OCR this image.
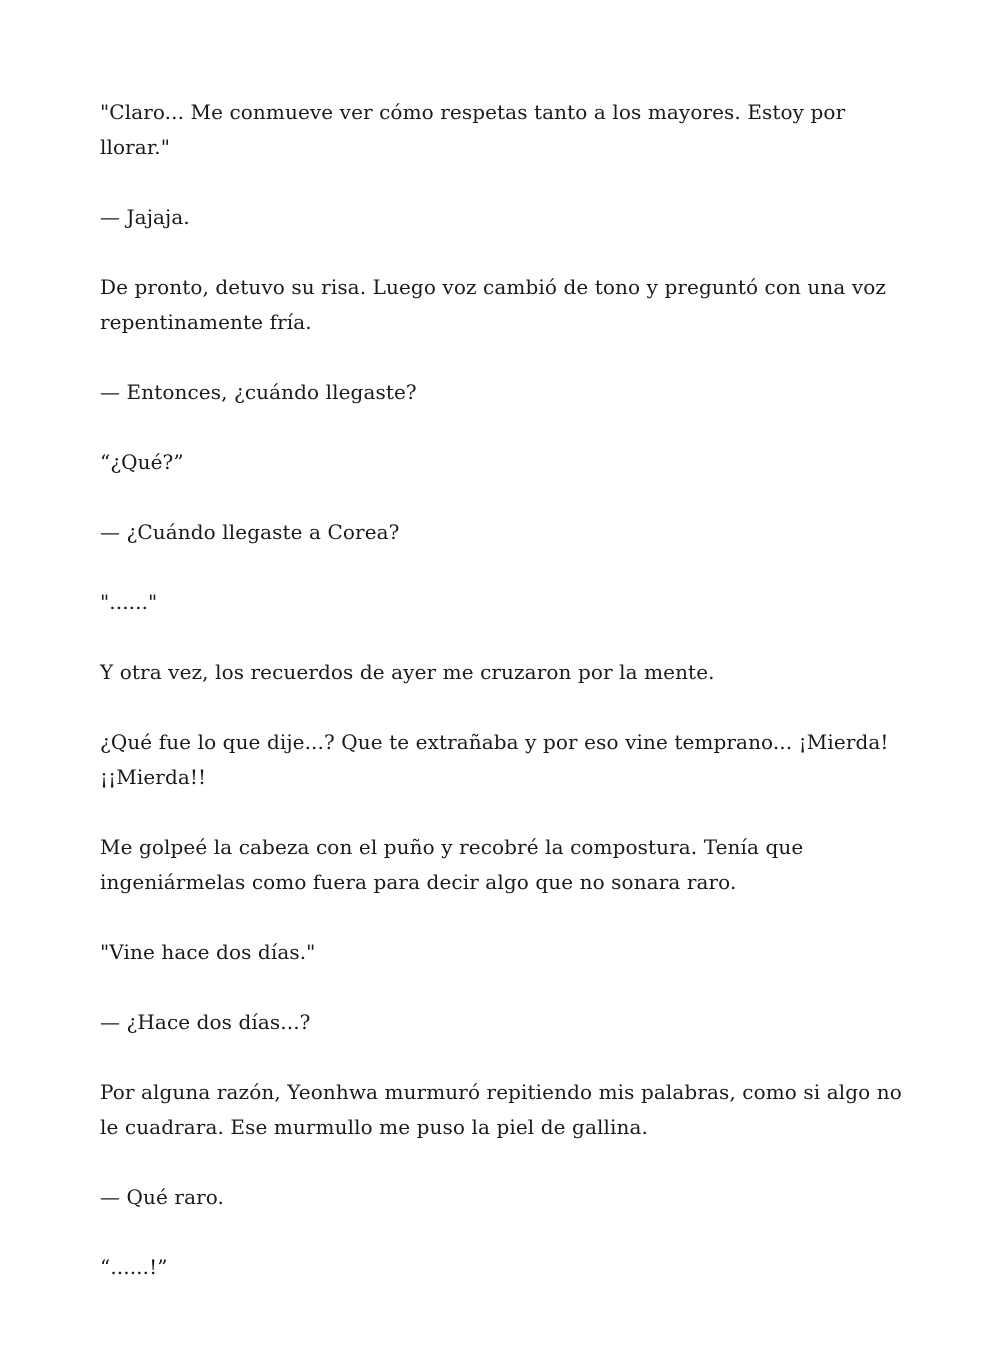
"Claro... Me conmueve ver cómo respetas tanto a los mayores. Estoy por llorar."

— Jajaja.

De pronto, detuvo su risa. Luego voz cambió de tono y preguntó con una voz repentinamente fría.

— Entonces, ¿cuándo llegaste?

“¿Qué?”

— ¿Cuándo llegaste a Corea?

"......"

Y otra vez, los recuerdos de ayer me cruzaron por la mente.

¿Qué fue lo que dije...? Que te extrañaba y por eso vine temprano... ¡Mierda! ¡¡Mierda!!

Me golpeé la cabeza con el puño y recobré la compostura. Tenía que ingeniármelas como fuera para decir algo que no sonara raro.

"Vine hace dos días."

— ¿Hace dos días...?

Por alguna razón, Yeonhwa murmuró repitiendo mis palabras, como si algo no le cuadrara. Ese murmullo me puso la piel de gallina.

— Qué raro.

“......!”
